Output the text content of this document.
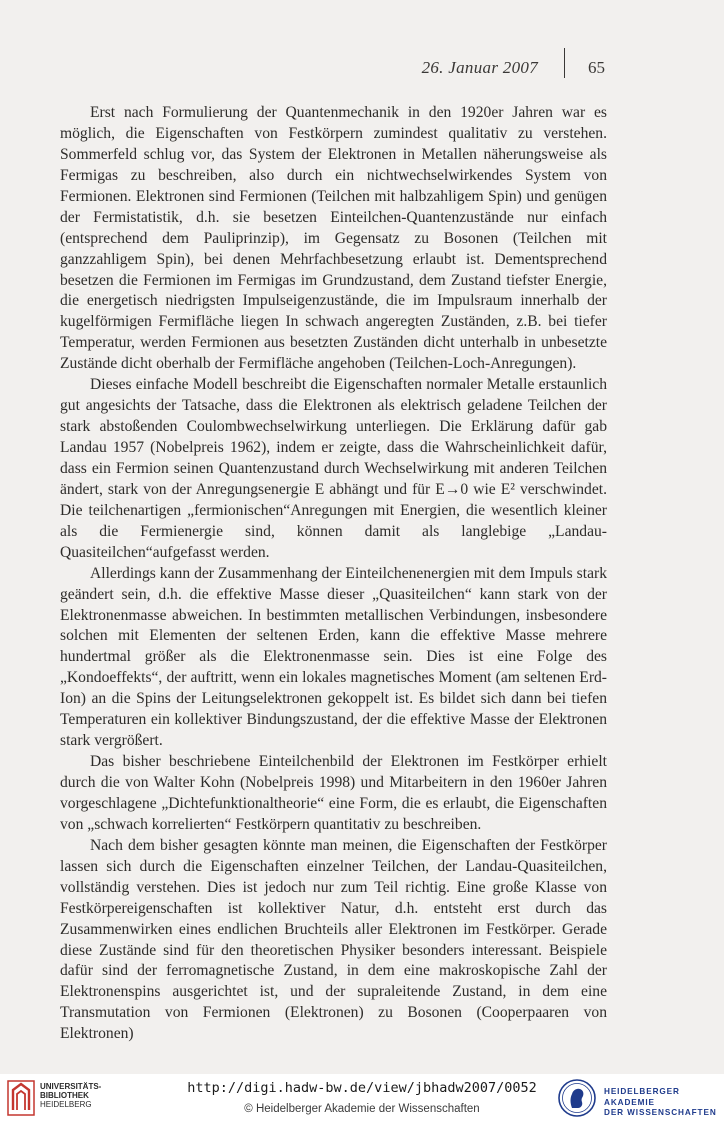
26. Januar 2007	65

Erst nach Formulierung der Quantenmechanik in den 1920er Jahren war es möglich, die Eigenschaften von Festkörpern zumindest qualitativ zu verstehen. Sommerfeld schlug vor, das System der Elektronen in Metallen näherungsweise als Fermigas zu beschreiben, also durch ein nichtwechselwirkendes System von Fermionen. Elektronen sind Fermionen (Teilchen mit halbzahligem Spin) und genügen der Fermistatistik, d.h. sie besetzen Einteilchen-Quantenzustände nur einfach (entsprechend dem Pauliprinzip), im Gegensatz zu Bosonen (Teilchen mit ganzzahligem Spin), bei denen Mehrfachbesetzung erlaubt ist. Dementsprechend besetzen die Fermionen im Fermigas im Grundzustand, dem Zustand tiefster Energie, die energetisch niedrigsten Impulseigenzustände, die im Impulsraum innerhalb der kugelförmigen Fermifläche liegen In schwach angeregten Zuständen, z.B. bei tiefer Temperatur, werden Fermionen aus besetzten Zuständen dicht unterhalb in unbesetzte Zustände dicht oberhalb der Fermifläche angehoben (Teilchen-Loch-Anregungen).

Dieses einfache Modell beschreibt die Eigenschaften normaler Metalle erstaunlich gut angesichts der Tatsache, dass die Elektronen als elektrisch geladene Teilchen der stark abstoßenden Coulombwechselwirkung unterliegen. Die Erklärung dafür gab Landau 1957 (Nobelpreis 1962), indem er zeigte, dass die Wahrscheinlichkeit dafür, dass ein Fermion seinen Quantenzustand durch Wechselwirkung mit anderen Teilchen ändert, stark von der Anregungsenergie E abhängt und für E→0 wie E² verschwindet. Die teilchenartigen „fermionischen“Anregungen mit Energien, die wesentlich kleiner als die Fermienergie sind, können damit als langlebige „Landau-Quasiteilchen“aufgefasst werden.

Allerdings kann der Zusammenhang der Einteilchenenergien mit dem Impuls stark geändert sein, d.h. die effektive Masse dieser „Quasiteilchen“ kann stark von der Elektronenmasse abweichen. In bestimmten metallischen Verbindungen, insbesondere solchen mit Elementen der seltenen Erden, kann die effektive Masse mehrere hundertmal größer als die Elektronenmasse sein. Dies ist eine Folge des „Kondoeffekts“, der auftritt, wenn ein lokales magnetisches Moment (am seltenen Erd-Ion) an die Spins der Leitungselektronen gekoppelt ist. Es bildet sich dann bei tiefen Temperaturen ein kollektiver Bindungszustand, der die effektive Masse der Elektronen stark vergrößert.

Das bisher beschriebene Einteilchenbild der Elektronen im Festkörper erhielt durch die von Walter Kohn (Nobelpreis 1998) und Mitarbeitern in den 1960er Jahren vorgeschlagene „Dichtefunktionaltheorie“ eine Form, die es erlaubt, die Eigenschaften von „schwach korrelierten“ Festkörpern quantitativ zu beschreiben.

Nach dem bisher gesagten könnte man meinen, die Eigenschaften der Festkörper lassen sich durch die Eigenschaften einzelner Teilchen, der Landau-Quasiteilchen, vollständig verstehen. Dies ist jedoch nur zum Teil richtig. Eine große Klasse von Festkörpereigenschaften ist kollektiver Natur, d.h. entsteht erst durch das Zusammenwirken eines endlichen Bruchteils aller Elektronen im Festkörper. Gerade diese Zustände sind für den theoretischen Physiker besonders interessant. Beispiele dafür sind der ferromagnetische Zustand, in dem eine makroskopische Zahl der Elektronenspins ausgerichtet ist, und der supraleitende Zustand, in dem eine Transmutation von Fermionen (Elektronen) zu Bosonen (Cooperpaaren von Elektronen)

UNIVERSITÄTS-
BIBLIOTHEK
HEIDELBERG
http://digi.hadw-bw.de/view/jbhadw2007/0052
© Heidelberger Akademie der Wissenschaften
HEIDELBERGER AKADEMIE
DER WISSENSCHAFTEN
